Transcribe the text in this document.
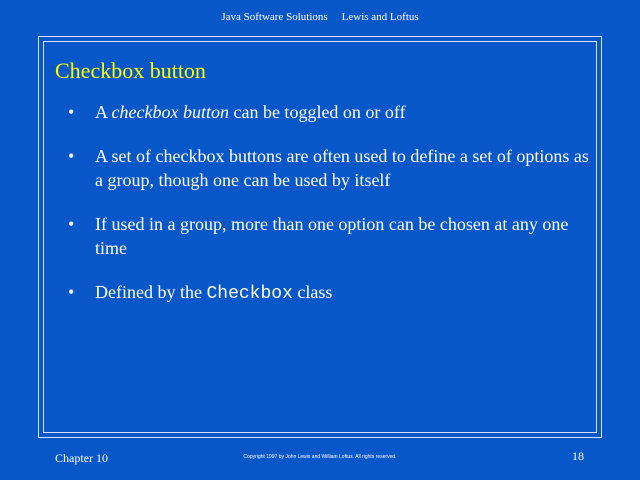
Java Software Solutions Lewis and Loftus
Checkbox button
• A checkbox button can be toggled on or off
• A set of checkbox buttons are often used to define a set of options as a group, though one can be used by itself
• If used in a group, more than one option can be chosen at any one time
• Defined by the Checkbox class
Chapter 10	Copyright 1997 by John Lewis and William Loftus. All rights reserved.	18
